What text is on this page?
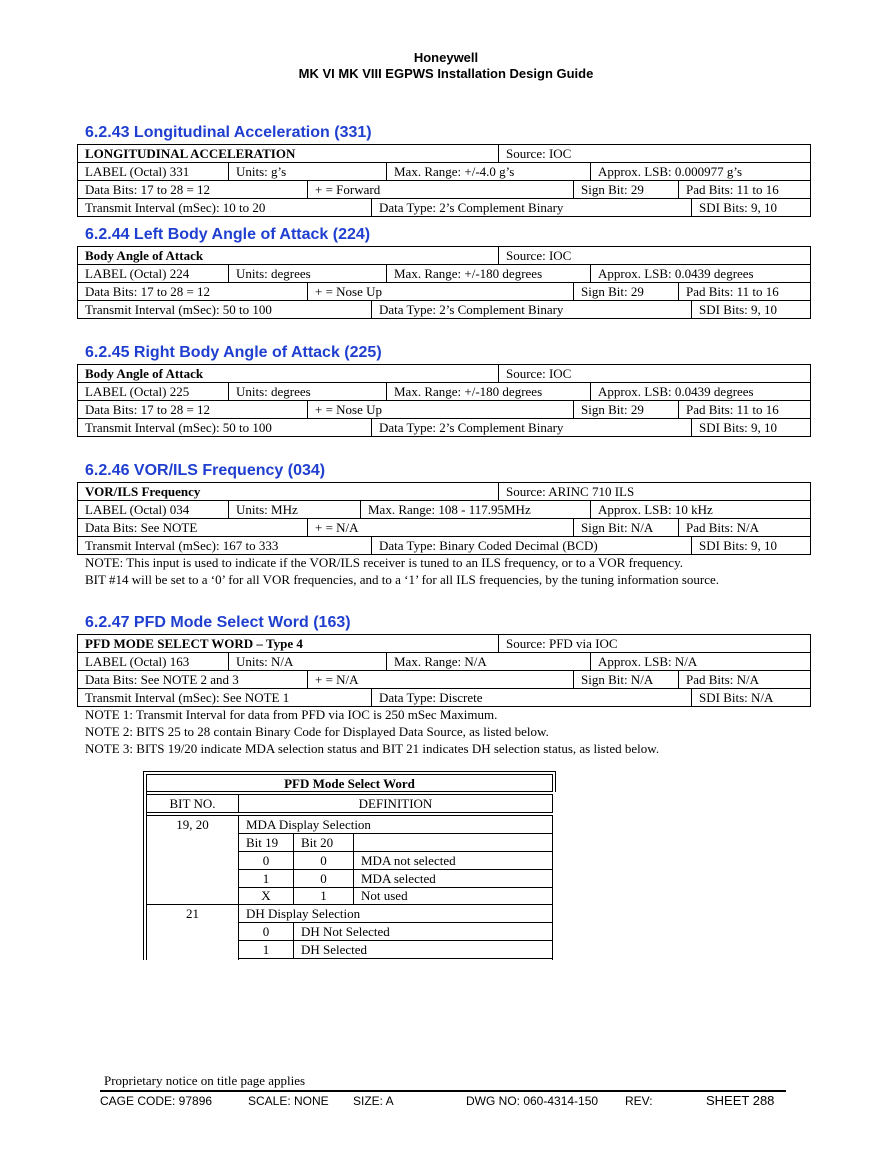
Honeywell
MK VI MK VIII EGPWS Installation Design Guide
6.2.43 Longitudinal Acceleration (331)
LONGITUDINAL ACCELERATION	Source: IOC
LABEL (Octal) 331	Units: g’s	Max. Range: +/-4.0 g’s	Approx. LSB: 0.000977 g’s
Data Bits: 17 to 28 = 12	+ = Forward	Sign Bit: 29	Pad Bits: 11 to 16
Transmit Interval (mSec): 10 to 20	Data Type: 2’s Complement Binary	SDI Bits: 9, 10
6.2.44 Left Body Angle of Attack (224)
Body Angle of Attack	Source: IOC
LABEL (Octal) 224	Units: degrees	Max. Range: +/-180 degrees	Approx. LSB: 0.0439 degrees
Data Bits: 17 to 28 = 12	+ = Nose Up	Sign Bit: 29	Pad Bits: 11 to 16
Transmit Interval (mSec): 50 to 100	Data Type: 2’s Complement Binary	SDI Bits: 9, 10
6.2.45 Right Body Angle of Attack (225)
Body Angle of Attack	Source: IOC
LABEL (Octal) 225	Units: degrees	Max. Range: +/-180 degrees	Approx. LSB: 0.0439 degrees
Data Bits: 17 to 28 = 12	+ = Nose Up	Sign Bit: 29	Pad Bits: 11 to 16
Transmit Interval (mSec): 50 to 100	Data Type: 2’s Complement Binary	SDI Bits: 9, 10
6.2.46 VOR/ILS Frequency (034)
VOR/ILS Frequency	Source: ARINC 710 ILS
LABEL (Octal) 034	Units: MHz	Max. Range: 108 - 117.95MHz	Approx. LSB: 10 kHz
Data Bits: See NOTE	+ = N/A	Sign Bit: N/A	Pad Bits: N/A
Transmit Interval (mSec): 167 to 333	Data Type: Binary Coded Decimal (BCD)	SDI Bits: 9, 10
NOTE: This input is used to indicate if the VOR/ILS receiver is tuned to an ILS frequency, or to a VOR frequency.
BIT #14 will be set to a ‘0’ for all VOR frequencies, and to a ‘1’ for all ILS frequencies, by the tuning information source.
6.2.47 PFD Mode Select Word (163)
PFD MODE SELECT WORD – Type 4	Source: PFD via IOC
LABEL (Octal) 163	Units: N/A	Max. Range: N/A	Approx. LSB: N/A
Data Bits: See NOTE 2 and 3	+ = N/A	Sign Bit: N/A	Pad Bits: N/A
Transmit Interval (mSec): See NOTE 1	Data Type: Discrete	SDI Bits: N/A
NOTE 1: Transmit Interval for data from PFD via IOC is 250 mSec Maximum.
NOTE 2: BITS 25 to 28 contain Binary Code for Displayed Data Source, as listed below.
NOTE 3: BITS 19/20 indicate MDA selection status and BIT 21 indicates DH selection status, as listed below.
PFD Mode Select Word
BIT NO.	DEFINITION
19, 20	MDA Display Selection
Bit 19 Bit 20
0	0	MDA not selected
1	0	MDA selected
X	1	Not used
21	DH Display Selection
0	DH Not Selected
1	DH Selected
Proprietary notice on title page applies
CAGE CODE: 97896	SCALE: NONE SIZE: A	DWG NO: 060-4314-150 REV:	SHEET 288
